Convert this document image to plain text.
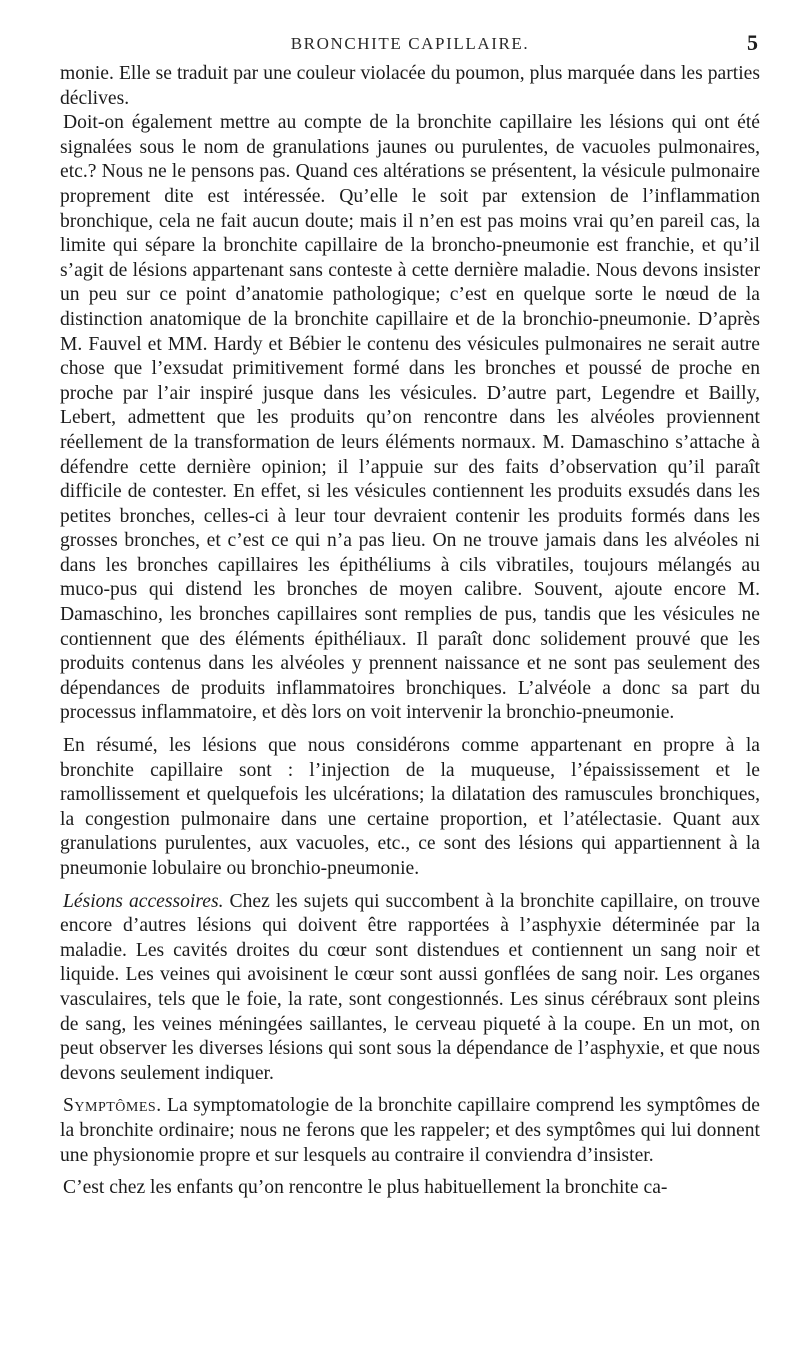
BRONCHITE CAPILLAIRE.	5

monie. Elle se traduit par une couleur violacée du poumon, plus marquée dans les parties déclives.

Doit-on également mettre au compte de la bronchite capillaire les lésions qui ont été signalées sous le nom de granulations jaunes ou purulentes, de vacuoles pulmonaires, etc.? Nous ne le pensons pas. Quand ces altérations se présentent, la vésicule pulmonaire proprement dite est intéressée. Qu’elle le soit par extension de l’inflammation bronchique, cela ne fait aucun doute; mais il n’en est pas moins vrai qu’en pareil cas, la limite qui sépare la bronchite capillaire de la broncho-pneumonie est franchie, et qu’il s’agit de lésions appartenant sans conteste à cette dernière maladie. Nous devons insister un peu sur ce point d’anatomie pathologique; c’est en quelque sorte le nœud de la distinction anatomique de la bronchite capillaire et de la bronchio-pneumonie. D’après M. Fauvel et MM. Hardy et Bébier le contenu des vésicules pulmonaires ne serait autre chose que l’exsudat primitivement formé dans les bronches et poussé de proche en proche par l’air inspiré jusque dans les vésicules. D’autre part, Legendre et Bailly, Lebert, admettent que les produits qu’on rencontre dans les alvéoles proviennent réellement de la transformation de leurs éléments normaux. M. Damaschino s’attache à défendre cette dernière opinion; il l’appuie sur des faits d’observation qu’il paraît difficile de contester. En effet, si les vésicules contiennent les produits exsudés dans les petites bronches, celles-ci à leur tour devraient contenir les produits formés dans les grosses bronches, et c’est ce qui n’a pas lieu. On ne trouve jamais dans les alvéoles ni dans les bronches capillaires les épithéliums à cils vibratiles, toujours mélangés au muco-pus qui distend les bronches de moyen calibre. Souvent, ajoute encore M. Damaschino, les bronches capillaires sont remplies de pus, tandis que les vésicules ne contiennent que des éléments épithéliaux. Il paraît donc solidement prouvé que les produits contenus dans les alvéoles y prennent naissance et ne sont pas seulement des dépendances de produits inflammatoires bronchiques. L’alvéole a donc sa part du processus inflammatoire, et dès lors on voit intervenir la bronchio-pneumonie.

En résumé, les lésions que nous considérons comme appartenant en propre à la bronchite capillaire sont : l’injection de la muqueuse, l’épaississement et le ramollissement et quelquefois les ulcérations; la dilatation des ramuscules bronchiques, la congestion pulmonaire dans une certaine proportion, et l’atélectasie. Quant aux granulations purulentes, aux vacuoles, etc., ce sont des lésions qui appartiennent à la pneumonie lobulaire ou bronchio-pneumonie.

Lésions accessoires. Chez les sujets qui succombent à la bronchite capillaire, on trouve encore d’autres lésions qui doivent être rapportées à l’asphyxie déterminée par la maladie. Les cavités droites du cœur sont distendues et contiennent un sang noir et liquide. Les veines qui avoisinent le cœur sont aussi gonflées de sang noir. Les organes vasculaires, tels que le foie, la rate, sont congestionnés. Les sinus cérébraux sont pleins de sang, les veines méningées saillantes, le cerveau piqueté à la coupe. En un mot, on peut observer les diverses lésions qui sont sous la dépendance de l’asphyxie, et que nous devons seulement indiquer.

Symptômes. La symptomatologie de la bronchite capillaire comprend les symptômes de la bronchite ordinaire; nous ne ferons que les rappeler; et des symptômes qui lui donnent une physionomie propre et sur lesquels au contraire il conviendra d’insister.

C’est chez les enfants qu’on rencontre le plus habituellement la bronchite ca-
